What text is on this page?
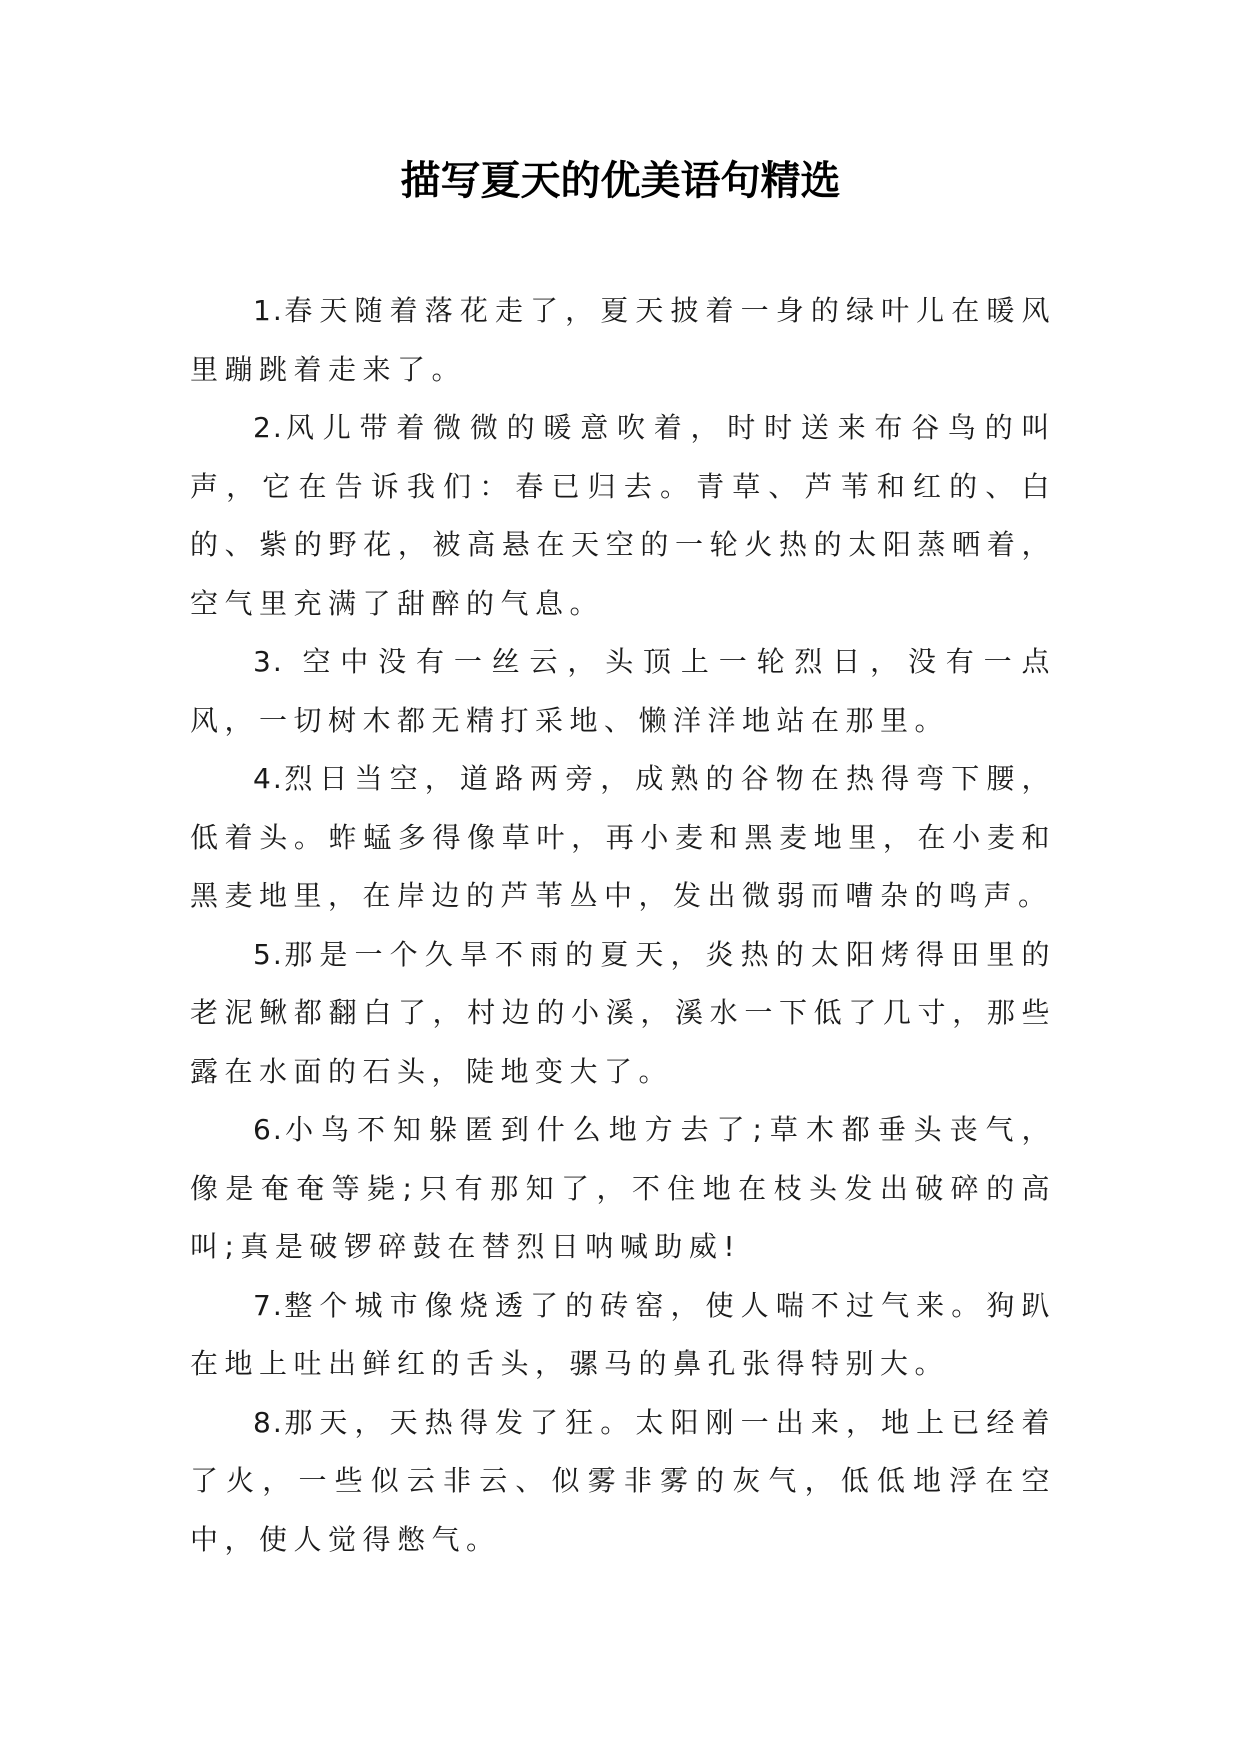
描写夏天的优美语句精选

1.春天随着落花走了，夏天披着一身的绿叶儿在暖风里蹦跳着走来了。

2.风儿带着微微的暖意吹着，时时送来布谷鸟的叫声，它在告诉我们：春已归去。青草、芦苇和红的、白的、紫的野花，被高悬在天空的一轮火热的太阳蒸晒着，空气里充满了甜醉的气息。

3. 空中没有一丝云，头顶上一轮烈日，没有一点风，一切树木都无精打采地、懒洋洋地站在那里。

4.烈日当空，道路两旁，成熟的谷物在热得弯下腰，低着头。蚱蜢多得像草叶，再小麦和黑麦地里，在小麦和黑麦地里，在岸边的芦苇丛中，发出微弱而嘈杂的鸣声。

5.那是一个久旱不雨的夏天，炎热的太阳烤得田里的老泥鳅都翻白了，村边的小溪，溪水一下低了几寸，那些露在水面的石头，陡地变大了。

6.小鸟不知躲匿到什么地方去了;草木都垂头丧气，像是奄奄等毙;只有那知了，不住地在枝头发出破碎的高叫;真是破锣碎鼓在替烈日呐喊助威!

7.整个城市像烧透了的砖窑，使人喘不过气来。狗趴在地上吐出鲜红的舌头，骡马的鼻孔张得特别大。

8.那天，天热得发了狂。太阳刚一出来，地上已经着了火，一些似云非云、似雾非雾的灰气，低低地浮在空中，使人觉得憋气。
